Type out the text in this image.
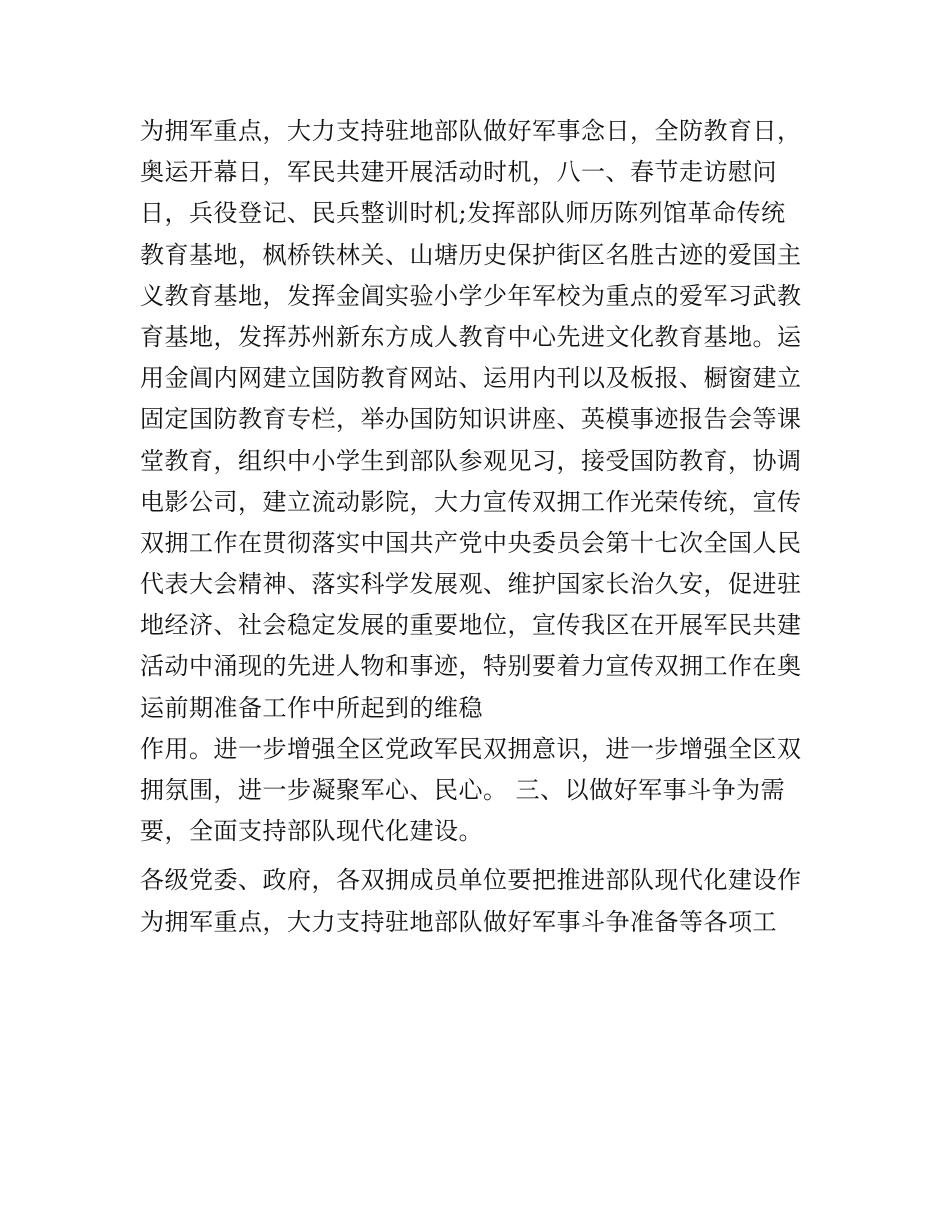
为拥军重点，大力支持驻地部队做好军事念日，全防教育日，
奥运开幕日，军民共建开展活动时机，八一、春节走访慰问
日，兵役登记、民兵整训时机;发挥部队师历陈列馆革命传统
教育基地，枫桥铁林关、山塘历史保护街区名胜古迹的爱国主
义教育基地，发挥金阊实验小学少年军校为重点的爱军习武教
育基地，发挥苏州新东方成人教育中心先进文化教育基地。运
用金阊内网建立国防教育网站、运用内刊以及板报、橱窗建立
固定国防教育专栏，举办国防知识讲座、英模事迹报告会等课
堂教育，组织中小学生到部队参观见习，接受国防教育，协调
电影公司，建立流动影院，大力宣传双拥工作光荣传统，宣传
双拥工作在贯彻落实中国共产党中央委员会第十七次全国人民
代表大会精神、落实科学发展观、维护国家长治久安，促进驻
地经济、社会稳定发展的重要地位，宣传我区在开展军民共建
活动中涌现的先进人物和事迹，特别要着力宣传双拥工作在奥
运前期准备工作中所起到的维稳
作用。进一步增强全区党政军民双拥意识，进一步增强全区双
拥氛围，进一步凝聚军心、民心。 三、以做好军事斗争为需
要，全面支持部队现代化建设。
各级党委、政府，各双拥成员单位要把推进部队现代化建设作
为拥军重点，大力支持驻地部队做好军事斗争准备等各项工
